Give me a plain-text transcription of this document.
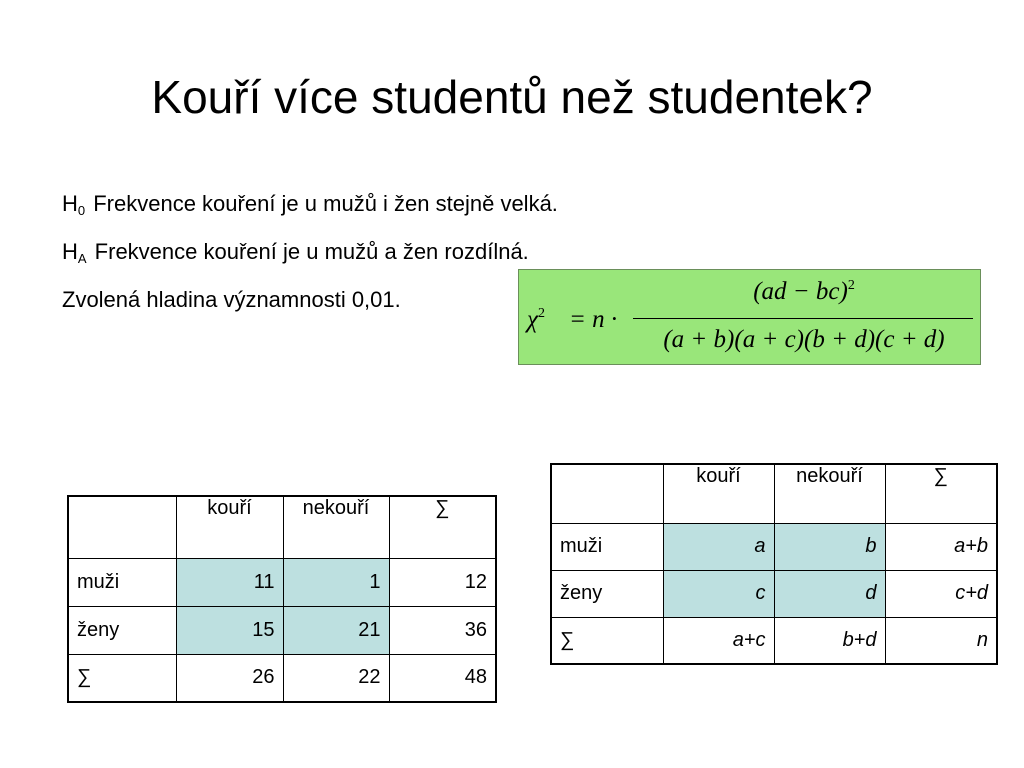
Kouří více studentů než studentek?
$H_0$ Frekvence kouření je u mužů i žen stejně velká.
$H_A$ Frekvence kouření je u mužů a žen rozdílná.
Zvolená hladina významnosti 0,01.
$\chi^2 = n$ ·
(ad − bc)$^2$
(a + b)(a + c)(b + d)(c + d)
	kouří	nekouří	∑
muži	11	1	12
ženy	15	21	36
∑	26	22	48
	kouří	nekouří	∑
muži	a	b	a+b
ženy	c	d	c+d
∑	a+c	b+d	n
